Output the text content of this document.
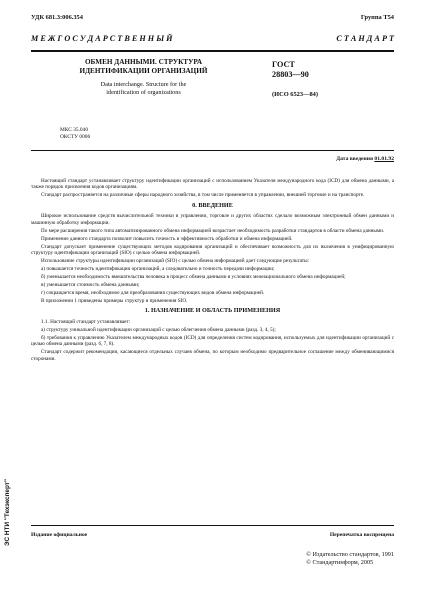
УДК 681.3:006.354	Группа Т54
М Е Ж Г О С У Д А Р С Т В Е Н Н Ы Й	С Т А Н Д А Р Т
ОБМЕН ДАННЫМИ. СТРУКТУРА
ИДЕНТИФИКАЦИИ ОРГАНИЗАЦИЙ
Data interchange. Structure for the
identification of organizations
МКС 35.040
ОКСТУ 0006
ГОСТ
28803—90
(ИСО 6523—84)
Дата введения 01.01.92

Настоящий стандарт устанавливает структуру идентификации организаций с использованием Указателя международного кода (ICD) для обмена данными, а также порядок присвоения кодов организациям.

Стандарт распространяется на различные сферы народного хозяйства, в том числе применяется в управлении, внешней торговле и на транспорте.

0. ВВЕДЕНИЕ

Широкое использование средств вычислительной техники в управлении, торговле и других областях сделало возможным электронный обмен данными и машинную обработку информации.

По мере расширения такого типа автоматизированного обмена информацией возрастает необходимость разработки стандартов в области обмена данными.

Применение данного стандарта позволит повысить точность и эффективность обработки и обмена информацией.

Стандарт допускает применение существующих методов кодирования организаций и обеспечивает возможность для их включения в унифицированную структуру идентификации организаций (SIO) с целью обмена информацией.

Использование структуры идентификации организаций (SIO) с целью обмена информацией дает следующие результаты:

а) повышается точность идентификации организаций, а следовательно и точность передачи информации;

б) уменьшается необходимость вмешательства человека в процесс обмена данными в условиях межнационального обмена информацией;

в) уменьшается стоимость обмена данными;

г) сокращается время, необходимое для преобразования существующих видов обмена информацией.

В приложении 1 приведены примеры структур и применения SIO.

1. НАЗНАЧЕНИЕ И ОБЛАСТЬ ПРИМЕНЕНИЯ

1.1. Настоящий стандарт устанавливает:

а) структуру уникальной идентификации организаций с целью облегчения обмена данными (разд. 3, 4, 5);

б) требования к управлению Указателем международных кодов (ICD) для определения систем кодирования, используемых для идентификации организаций с целью обмена данными (разд. 6, 7, 8).

Стандарт содержит рекомендации, касающиеся отдельных случаев обмена, по которым необходимо предварительное соглашение между обменивающимися сторонами.

Издание официальное	Перепечатка воспрещена
© Издательство стандартов, 1991
© Стандартинформ, 2005
ЭС НТИ "Техэксперт"
